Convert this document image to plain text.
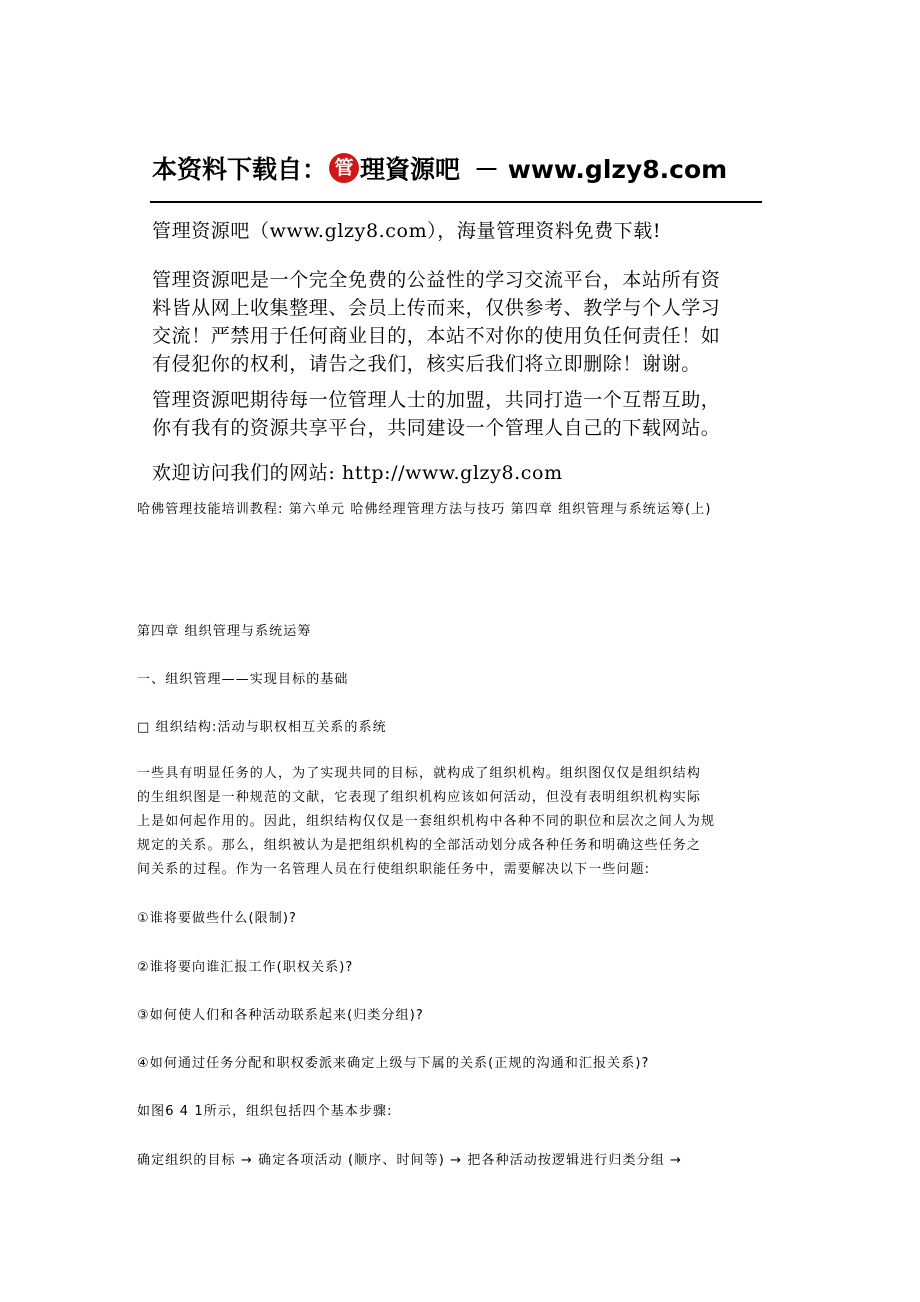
本资料下载自： 管 理資源吧 － www.glzy8.com

管理资源吧（www.glzy8.com），海量管理资料免费下载!

管理资源吧是一个完全免费的公益性的学习交流平台，本站所有资
料皆从网上收集整理、会员上传而来，仅供参考、教学与个人学习
交流！严禁用于任何商业目的，本站不对你的使用负任何责任！如
有侵犯你的权利，请告之我们，核实后我们将立即删除！谢谢。

管理资源吧期待每一位管理人士的加盟，共同打造一个互帮互助，
你有我有的资源共享平台，共同建设一个管理人自己的下载网站。

欢迎访问我们的网站: http://www.glzy8.com

哈佛管理技能培训教程: 第六单元 哈佛经理管理方法与技巧 第四章 组织管理与系统运筹(上)

第四章 组织管理与系统运筹

一、组织管理——实现目标的基础

□ 组织结构:活动与职权相互关系的系统

一些具有明显任务的人，为了实现共同的目标，就构成了组织机构。组织图仅仅是组织结构
的生组织图是一种规范的文献，它表现了组织机构应该如何活动，但没有表明组织机构实际
上是如何起作用的。因此，组织结构仅仅是一套组织机构中各种不同的职位和层次之间人为规
规定的关系。那么，组织被认为是把组织机构的全部活动划分成各种任务和明确这些任务之
间关系的过程。作为一名管理人员在行使组织职能任务中，需要解决以下一些问题:

①谁将要做些什么(限制)?

②谁将要向谁汇报工作(职权关系)?

③如何使人们和各种活动联系起来(归类分组)?

④如何通过任务分配和职权委派来确定上级与下属的关系(正规的沟通和汇报关系)?

如图6 4 1所示，组织包括四个基本步骤:

确定组织的目标 → 确定各项活动 (顺序、时间等) → 把各种活动按逻辑进行归类分组 →
